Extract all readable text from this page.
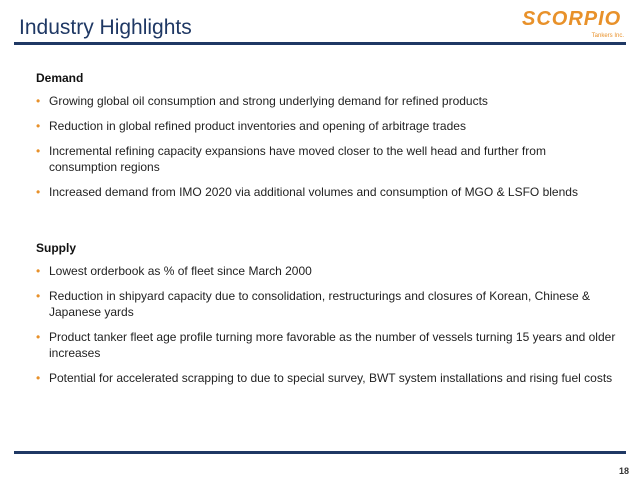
Industry Highlights	SCORPIO
Tankers Inc.
Demand
• Growing global oil consumption and strong underlying demand for refined products
• Reduction in global refined product inventories and opening of arbitrage trades
• Incremental refining capacity expansions have moved closer to the well head and further from consumption regions
• Increased demand from IMO 2020 via additional volumes and consumption of MGO & LSFO blends
Supply
• Lowest orderbook as % of fleet since March 2000
• Reduction in shipyard capacity due to consolidation, restructurings and closures of Korean, Chinese & Japanese yards
• Product tanker fleet age profile turning more favorable as the number of vessels turning 15 years and older increases
• Potential for accelerated scrapping to due to special survey, BWT system installations and rising fuel costs
18
